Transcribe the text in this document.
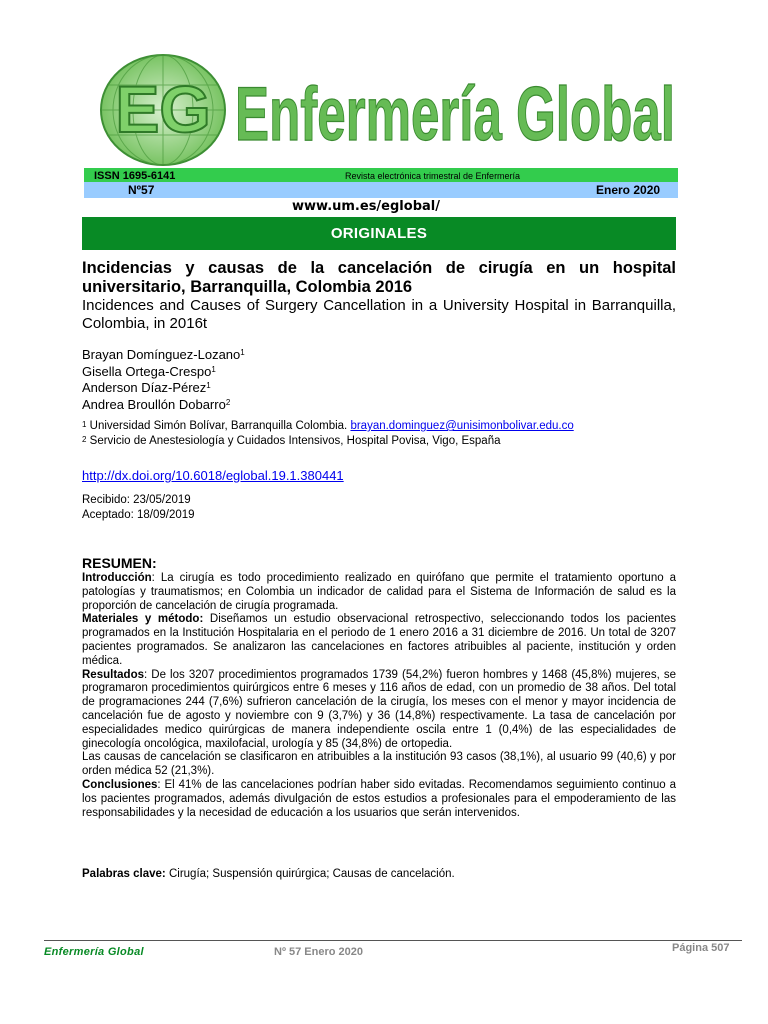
EG Enfermería Global
ISSN 1695-6141	Revista electrónica trimestral de Enfermería
Nº57	Enero 2020
www.um.es/eglobal/
ORIGINALES
Incidencias y causas de la cancelación de cirugía en un hospital universitario, Barranquilla, Colombia 2016
Incidences and Causes of Surgery Cancellation in a University Hospital in Barranquilla, Colombia, in 2016t
Brayan Domínguez-Lozano$^1$
Gisella Ortega-Crespo$^1$
Anderson Díaz-Pérez$^1$
Andrea Broullón Dobarro$^2$
$^1$ Universidad Simón Bolívar, Barranquilla Colombia. brayan.dominguez@unisimonbolivar.edu.co
$^2$ Servicio de Anestesiología y Cuidados Intensivos, Hospital Povisa, Vigo, España
http://dx.doi.org/10.6018/eglobal.19.1.380441
Recibido: 23/05/2019
Aceptado: 18/09/2019
RESUMEN:

Introducción: La cirugía es todo procedimiento realizado en quirófano que permite el tratamiento oportuno a patologías y traumatismos; en Colombia un indicador de calidad para el Sistema de Información de salud es la proporción de cancelación de cirugía programada.

Materiales y método: Diseñamos un estudio observacional retrospectivo, seleccionando todos los pacientes programados en la Institución Hospitalaria en el periodo de 1 enero 2016 a 31 diciembre de 2016. Un total de 3207 pacientes programados. Se analizaron las cancelaciones en factores atribuibles al paciente, institución y orden médica.

Resultados: De los 3207 procedimientos programados 1739 (54,2%) fueron hombres y 1468 (45,8%) mujeres, se programaron procedimientos quirúrgicos entre 6 meses y 116 años de edad, con un promedio de 38 años. Del total de programaciones 244 (7,6%) sufrieron cancelación de la cirugía, los meses con el menor y mayor incidencia de cancelación fue de agosto y noviembre con 9 (3,7%) y 36 (14,8%) respectivamente. La tasa de cancelación por especialidades medico quirúrgicas de manera independiente oscila entre 1 (0,4%) de las especialidades de ginecología oncológica, maxilofacial, urología y 85 (34,8%) de ortopedia.

Las causas de cancelación se clasificaron en atribuibles a la institución 93 casos (38,1%), al usuario 99 (40,6) y por orden médica 52 (21,3%).

Conclusiones: El 41% de las cancelaciones podrían haber sido evitadas. Recomendamos seguimiento continuo a los pacientes programados, además divulgación de estos estudios a profesionales para el empoderamiento de las responsabilidades y la necesidad de educación a los usuarios que serán intervenidos.

Palabras clave: Cirugía; Suspensión quirúrgica; Causas de cancelación.
Enfermería Global	Nº 57 Enero 2020	Página 507
